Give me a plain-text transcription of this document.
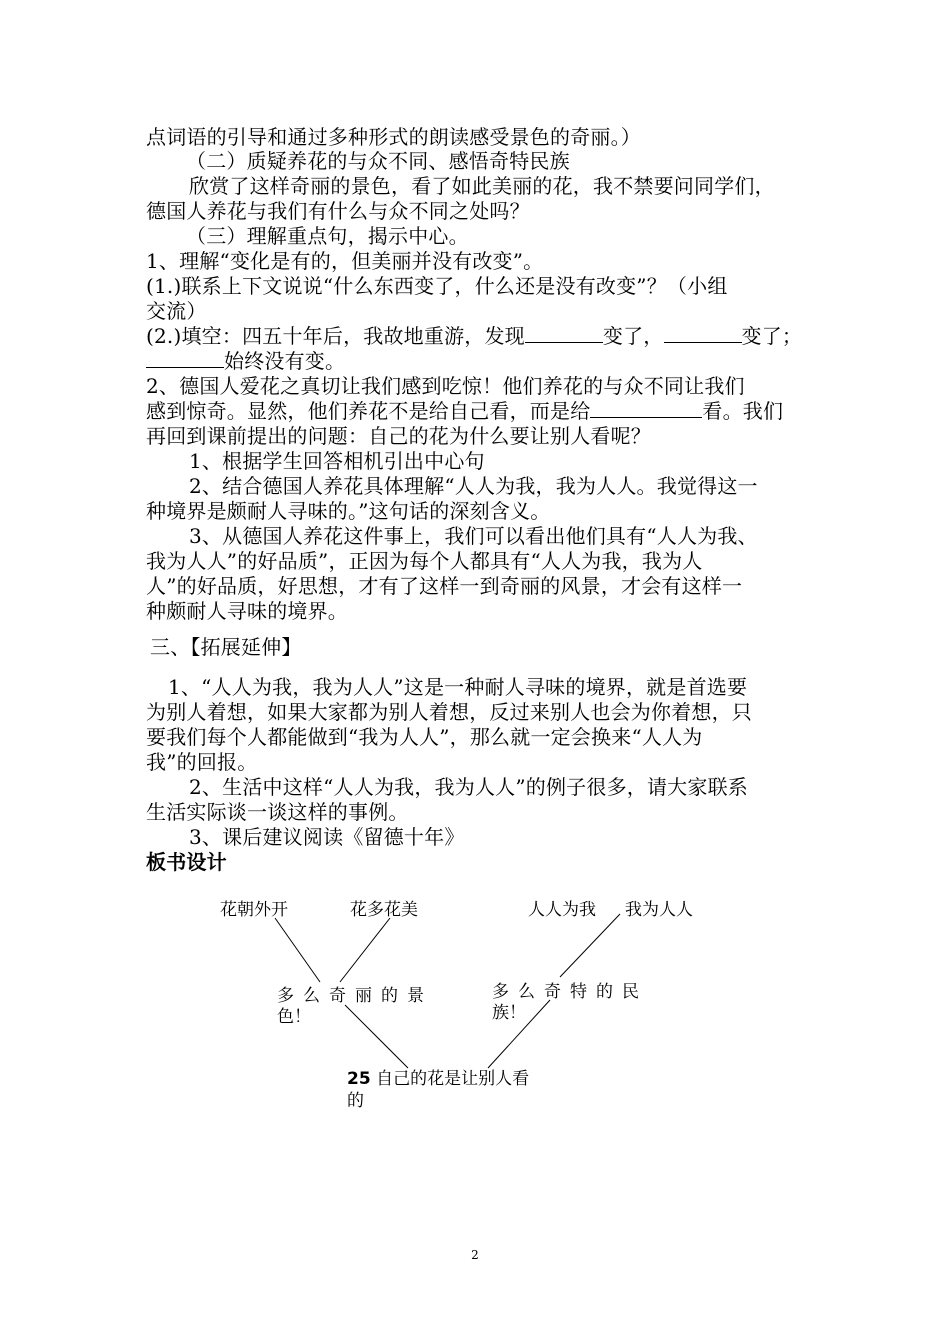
点词语的引导和通过多种形式的朗读感受景色的奇丽。）
（二）质疑养花的与众不同、感悟奇特民族
欣赏了这样奇丽的景色，看了如此美丽的花，我不禁要问同学们，
德国人养花与我们有什么与众不同之处吗？
（三）理解重点句，揭示中心。
1、理解“变化是有的，但美丽并没有改变”。
(1.)联系上下文说说“什么东西变了，什么还是没有改变”？（小组
交流）
(2.)填空：四五十年后，我故地重游，发现	变了，	变了；
始终没有变。
2、德国人爱花之真切让我们感到吃惊！他们养花的与众不同让我们
感到惊奇。显然，他们养花不是给自己看，而是给	看。我们
再回到课前提出的问题：自己的花为什么要让别人看呢？
1、根据学生回答相机引出中心句
2、结合德国人养花具体理解“人人为我，我为人人。我觉得这一
种境界是颇耐人寻味的。”这句话的深刻含义。
3、从德国人养花这件事上，我们可以看出他们具有“人人为我、
我为人人”的好品质”，正因为每个人都具有“人人为我，我为人
人”的好品质，好思想，才有了这样一到奇丽的风景，才会有这样一
种颇耐人寻味的境界。
三、【拓展延伸】
1、“人人为我，我为人人”这是一种耐人寻味的境界，就是首选要
为别人着想，如果大家都为别人着想，反过来别人也会为你着想，只
要我们每个人都能做到“我为人人”，那么就一定会换来“人人为
我”的回报。
2、生活中这样“人人为我，我为人人”的例子很多，请大家联系
生活实际谈一谈这样的事例。
3、课后建议阅读《留德十年》
板书设计
花朝外开	花多花美	人人为我 我为人人
多么奇丽的景
色！
多么奇特的民
族！
25 自己的花是让别人看
的
2
